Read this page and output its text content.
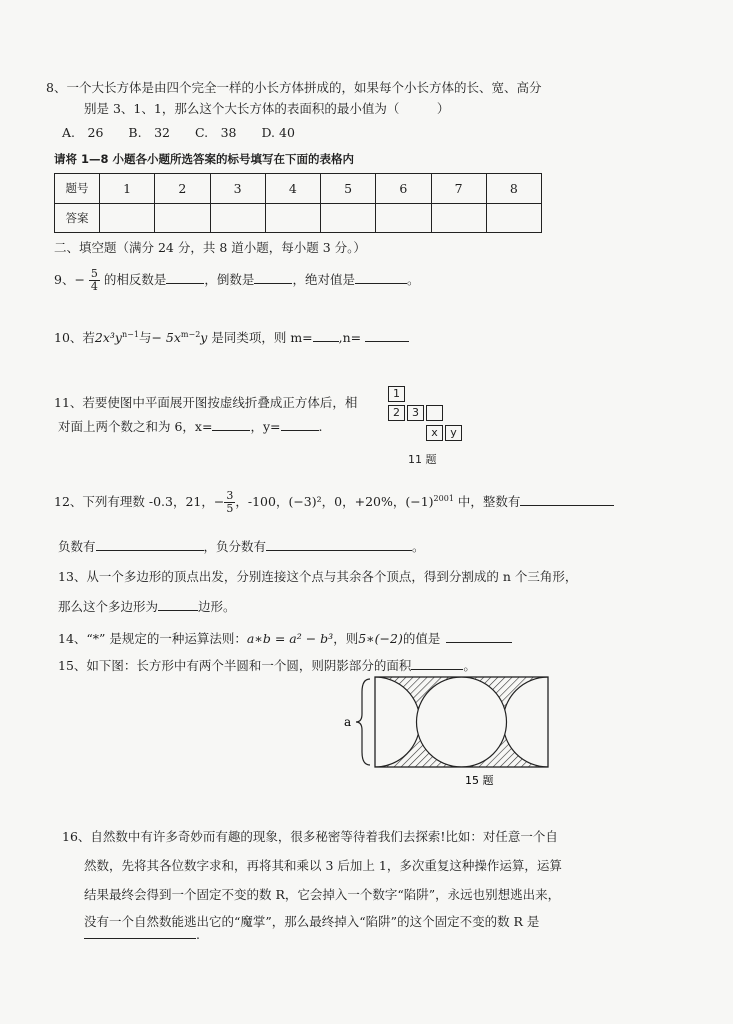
8、一个大长方体是由四个完全一样的小长方体拼成的，如果每个小长方体的长、宽、高分
别是 3、1、1，那么这个大长方体的表面积的最小值为（　　　）
A.　26　　B.　32　　C.　38　　D. 40
请将 1—8 小题各小题所选答案的标号填写在下面的表格内
题号	1	2	3	4	5	6	7	8
答案								
二、填空题（满分 24 分，共 8 道小题，每小题 3 分。）
9、− $\frac{5}{4}$ 的相反数是	，倒数是	，绝对值是	。
10、若$2x^3y^{n-1}$与− $5x^{m-2}y$ 是同类项，则 m= ,n=
11、若要使图中平面展开图按虚线折叠成正方体后，相
对面上两个数之和为 6，x=	，y=	.
1
2	3
x	y
11 题
12、下列有理数 -0.3，21，− $\frac{3}{5}$ ，-100，(−3)²，0，+20%，$(-1)^{2001}$ 中，整数有
负数有	，负分数有	。
13、从一个多边形的顶点出发，分别连接这个点与其余各个顶点，得到分割成的 n 个三角形，
那么这个多边形为	边形。
14、“*” 是规定的一种运算法则：a∗b = a² − b³，则5∗(−2)的值是
15、如下图：长方形中有两个半圆和一个圆，则阴影部分的面积	。
a
15 题
16、自然数中有许多奇妙而有趣的现象，很多秘密等待着我们去探索!比如：对任意一个自
然数，先将其各位数字求和，再将其和乘以 3 后加上 1，多次重复这种操作运算，运算
结果最终会得到一个固定不变的数 R，它会掉入一个数字“陷阱”，永远也别想逃出来，
没有一个自然数能逃出它的“魔掌”，那么最终掉入“陷阱”的这个固定不变的数 R 是
.
